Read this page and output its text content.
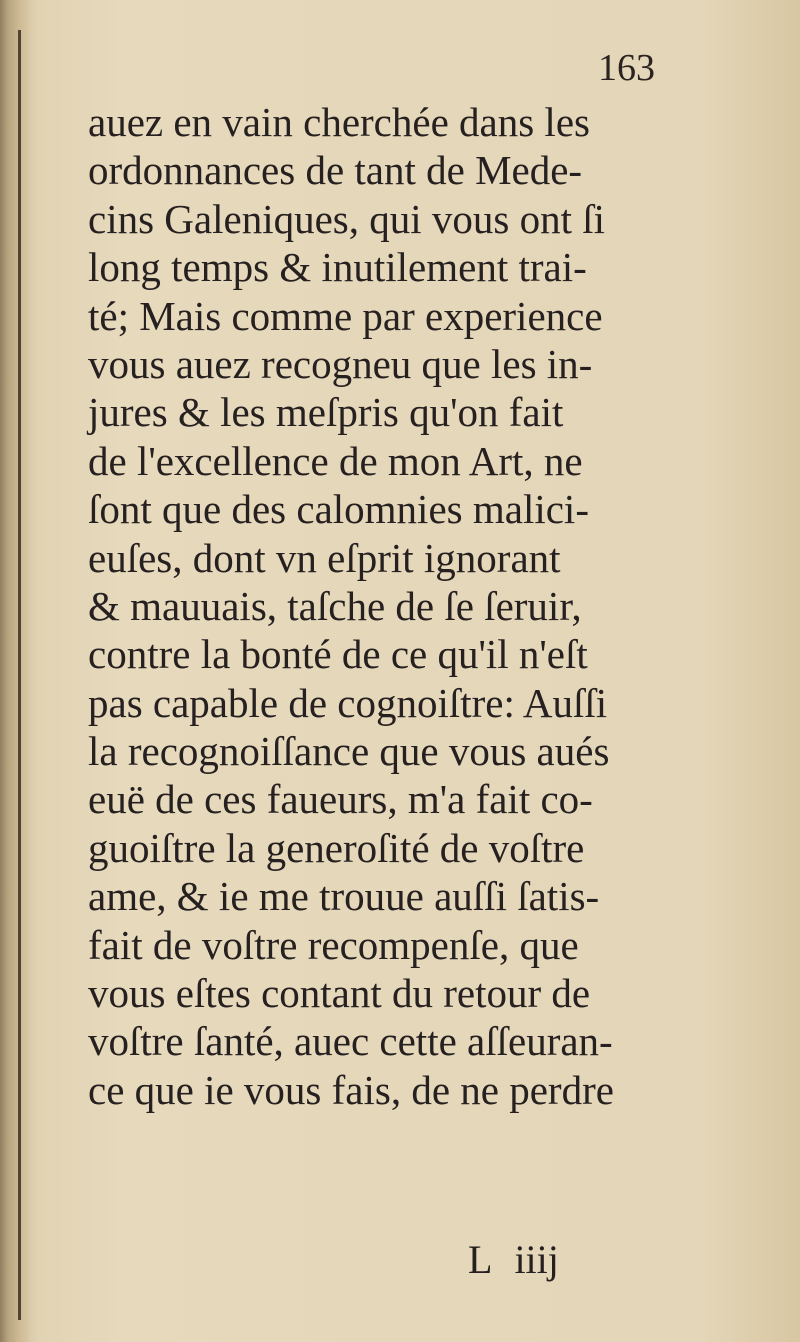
163
auez en vain cherchée dans les
ordonnances de tant de Mede-
cins Galeniques, qui vous ont ſi
long temps & inutilement trai-
té; Mais comme par experience
vous auez recogneu que les in-
jures & les meſpris qu'on fait
de l'excellence de mon Art, ne
ſont que des calomnies malici-
euſes, dont vn eſprit ignorant
& mauuais, taſche de ſe ſeruir,
contre la bonté de ce qu'il n'eſt
pas capable de cognoiſtre: Auſſi
la recognoiſſance que vous aués
euë de ces faueurs, m'a fait co-
guoiſtre la generoſité de voſtre
ame, & ie me trouue auſſi ſatis-
fait de voſtre recompenſe, que
vous eſtes contant du retour de
voſtre ſanté, auec cette aſſeuran-
ce que ie vous fais, de ne perdre
L iiij
